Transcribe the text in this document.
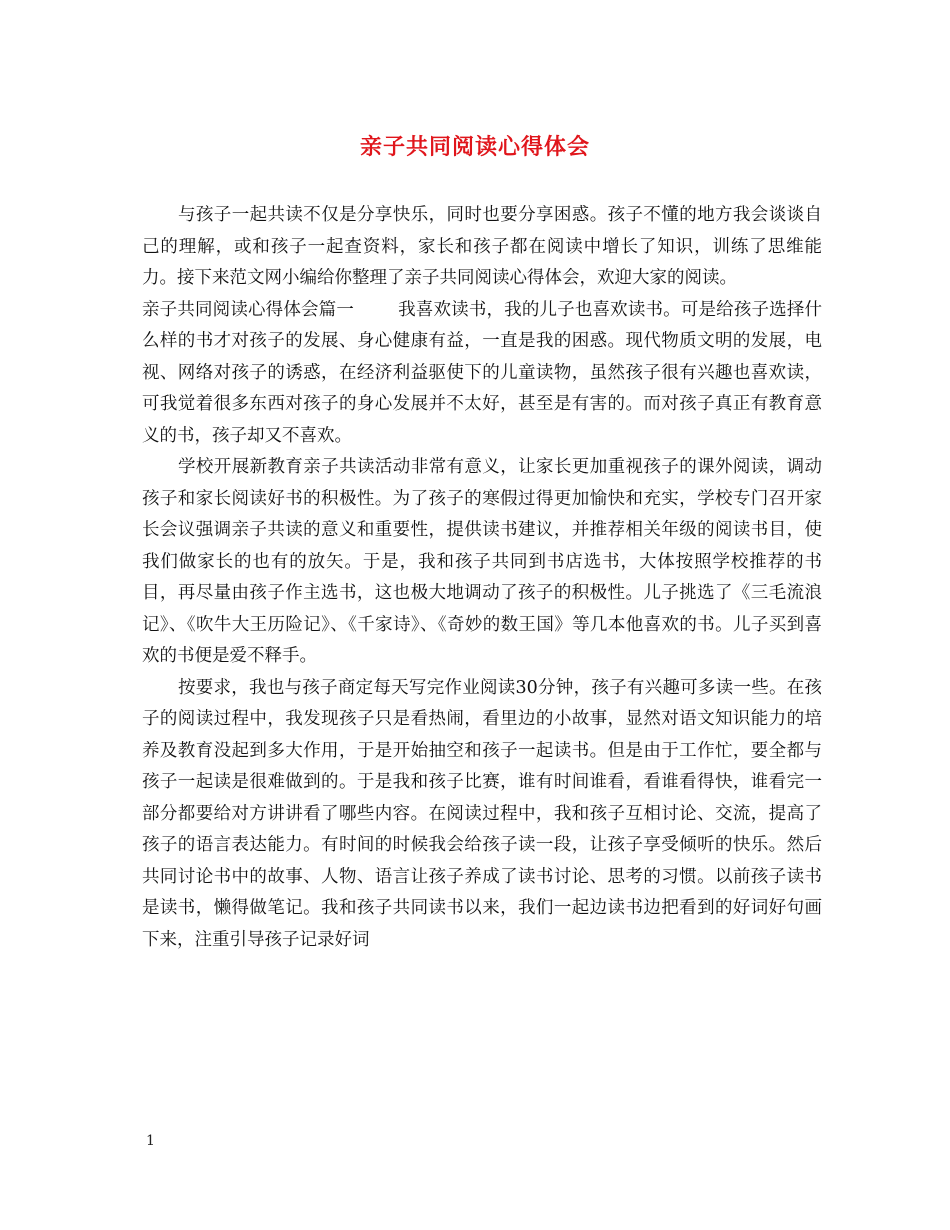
亲子共同阅读心得体会

与孩子一起共读不仅是分享快乐，同时也要分享困惑。孩子不懂的地方我会谈谈自己的理解，或和孩子一起查资料，家长和孩子都在阅读中增长了知识，训练了思维能力。接下来范文网小编给你整理了亲子共同阅读心得体会，欢迎大家的阅读。

亲子共同阅读心得体会篇一	我喜欢读书，我的儿子也喜欢读书。可是给孩子选择什么样的书才对孩子的发展、身心健康有益，一直是我的困惑。现代物质文明的发展，电视、网络对孩子的诱惑，在经济利益驱使下的儿童读物，虽然孩子很有兴趣也喜欢读，可我觉着很多东西对孩子的身心发展并不太好，甚至是有害的。而对孩子真正有教育意义的书，孩子却又不喜欢。

学校开展新教育亲子共读活动非常有意义，让家长更加重视孩子的课外阅读，调动孩子和家长阅读好书的积极性。为了孩子的寒假过得更加愉快和充实，学校专门召开家长会议强调亲子共读的意义和重要性，提供读书建议，并推荐相关年级的阅读书目，使我们做家长的也有的放矢。于是，我和孩子共同到书店选书，大体按照学校推荐的书目，再尽量由孩子作主选书，这也极大地调动了孩子的积极性。儿子挑选了《三毛流浪记》、《吹牛大王历险记》、《千家诗》、《奇妙的数王国》等几本他喜欢的书。儿子买到喜欢的书便是爱不释手。

按要求，我也与孩子商定每天写完作业阅读30分钟，孩子有兴趣可多读一些。在孩子的阅读过程中，我发现孩子只是看热闹，看里边的小故事，显然对语文知识能力的培养及教育没起到多大作用，于是开始抽空和孩子一起读书。但是由于工作忙，要全都与孩子一起读是很难做到的。于是我和孩子比赛，谁有时间谁看，看谁看得快，谁看完一部分都要给对方讲讲看了哪些内容。在阅读过程中，我和孩子互相讨论、交流，提高了孩子的语言表达能力。有时间的时候我会给孩子读一段，让孩子享受倾听的快乐。然后共同讨论书中的故事、人物、语言让孩子养成了读书讨论、思考的习惯。以前孩子读书是读书，懒得做笔记。我和孩子共同读书以来，我们一起边读书边把看到的好词好句画下来，注重引导孩子记录好词

1
